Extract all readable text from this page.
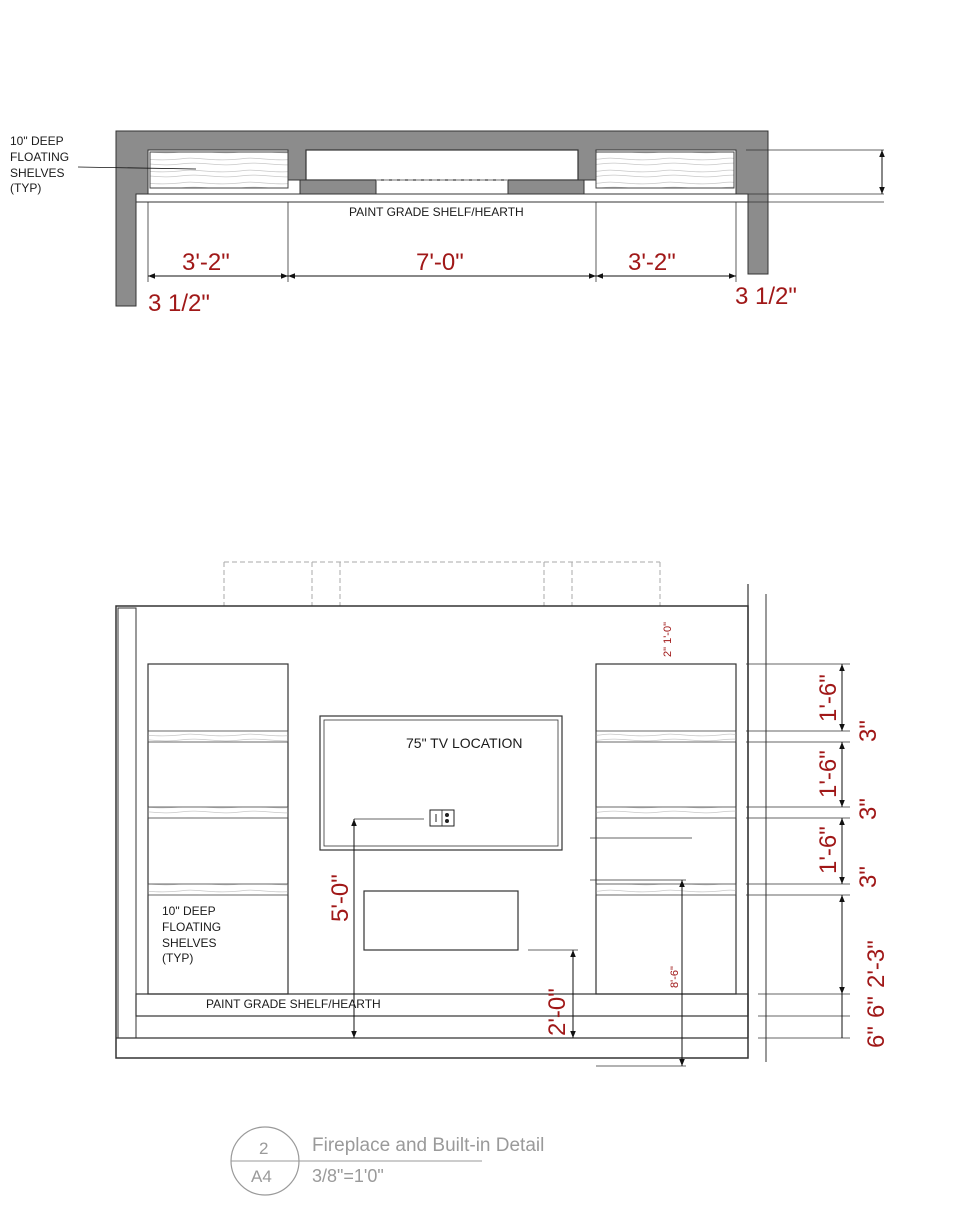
3'-2"	7'-0"	3'-2"
3 1/2"	3 1/2"
PAINT GRADE SHELF/HEARTH
10" DEEP
FLOATING
SHELVES
(TYP)
75" TV LOCATION
PAINT GRADE SHELF/HEARTH
10" DEEP
FLOATING
SHELVES
(TYP)
5'-0"
2'-0"
2" 1'-0"
8'-6"
1'-6"
3"
1'-6"
3"
1'-6"
3"
2'-3"
6"
6"
2
A4
Fireplace and Built-in Detail
3/8"=1'0"
